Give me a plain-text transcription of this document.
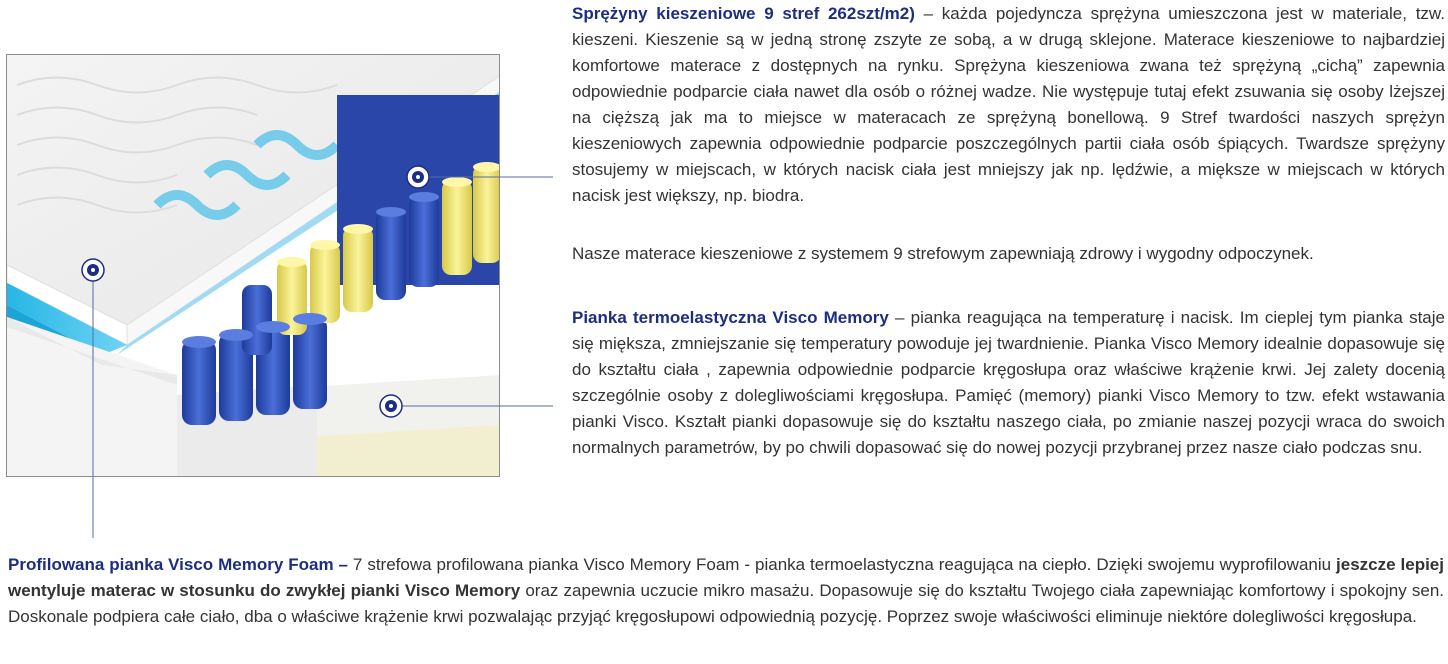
Sprężyny kieszeniowe 9 stref 262szt/m2) – każda pojedyncza sprężyna umieszczona jest w materiale, tzw. kieszeni. Kieszenie są w jedną stronę zszyte ze sobą, a w drugą sklejone. Materace kieszeniowe to najbardziej komfortowe materace z dostępnych na rynku. Sprężyna kieszeniowa zwana też sprężyną „cichą” zapewnia odpowiednie podparcie ciała nawet dla osób o różnej wadze. Nie występuje tutaj efekt zsuwania się osoby lżejszej na cięższą jak ma to miejsce w materacach ze sprężyną bonellową. 9 Stref twardości naszych sprężyn kieszeniowych zapewnia odpowiednie podparcie poszczególnych partii ciała osób śpiących. Twardsze sprężyny stosujemy w miejscach, w których nacisk ciała jest mniejszy jak np. lędźwie, a miększe w miejscach w których nacisk jest większy, np. biodra.

Nasze materace kieszeniowe z systemem 9 strefowym zapewniają zdrowy i wygodny odpoczynek.

Pianka termoelastyczna Visco Memory – pianka reagująca na temperaturę i nacisk. Im cieplej tym pianka staje się miększa, zmniejszanie się temperatury powoduje jej twardnienie. Pianka Visco Memory idealnie dopasowuje się do kształtu ciała , zapewnia odpowiednie podparcie kręgosłupa oraz właściwe krążenie krwi. Jej zalety docenią szczególnie osoby z dolegliwościami kręgosłupa. Pamięć (memory) pianki Visco Memory to tzw. efekt wstawania pianki Visco. Kształt pianki dopasowuje się do kształtu naszego ciała, po zmianie naszej pozycji wraca do swoich normalnych parametrów, by po chwili dopasować się do nowej pozycji przybranej przez nasze ciało podczas snu.

Profilowana pianka Visco Memory Foam – 7 strefowa profilowana pianka Visco Memory Foam - pianka termoelastyczna reagująca na ciepło. Dzięki swojemu wyprofilowaniu jeszcze lepiej wentyluje materac w stosunku do zwykłej pianki Visco Memory oraz zapewnia uczucie mikro masażu. Dopasowuje się do kształtu Twojego ciała zapewniając komfortowy i spokojny sen. Doskonale podpiera całe ciało, dba o właściwe krążenie krwi pozwalając przyjąć kręgosłupowi odpowiednią pozycję. Poprzez swoje właściwości eliminuje niektóre dolegliwości kręgosłupa.
